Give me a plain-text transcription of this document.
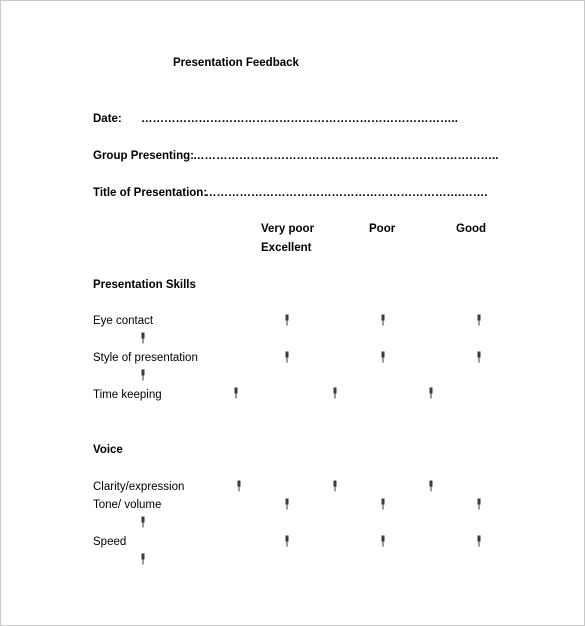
Presentation Feedback
Date: ………………………………………………………………………..
Group Presenting: ……………………………………………………………………..
Title of Presentation:
………………………………………………………….…….
Very poor	Poor	Good
Excellent
Presentation Skills
Eye contact
Style of presentation
Time keeping
Voice
Clarity/expression
Tone/ volume
Speed
